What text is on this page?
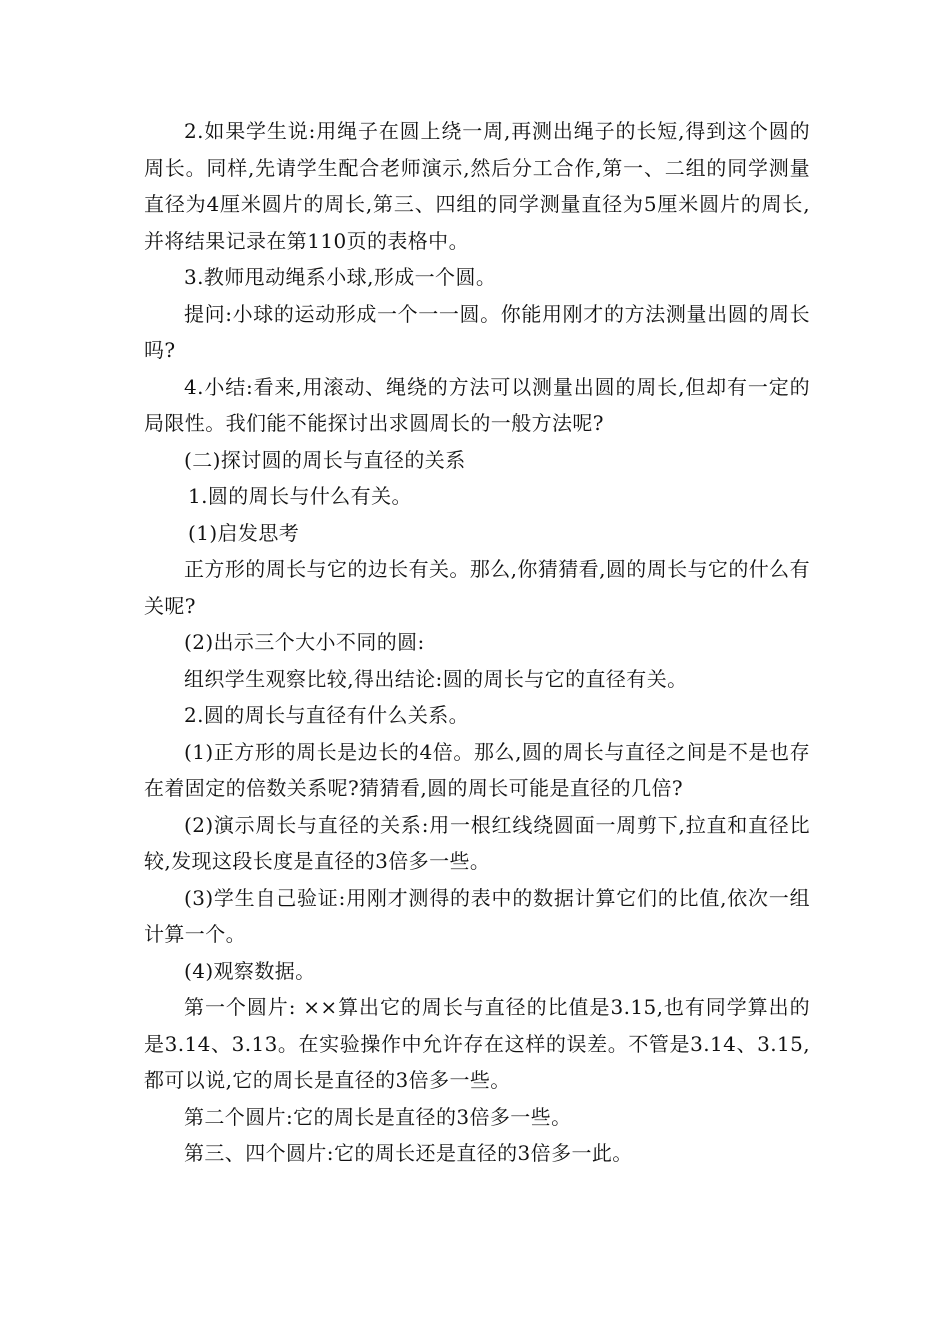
2.如果学生说:用绳子在圆上绕一周,再测出绳子的长短,得到这个圆的周长。同样,先请学生配合老师演示,然后分工合作,第一、二组的同学测量直径为4厘米圆片的周长,第三、四组的同学测量直径为5厘米圆片的周长,并将结果记录在第110页的表格中。

3.教师甩动绳系小球,形成一个圆。

提问:小球的运动形成一个一一圆。你能用刚才的方法测量出圆的周长吗?

4.小结:看来,用滚动、绳绕的方法可以测量出圆的周长,但却有一定的局限性。我们能不能探讨出求圆周长的一般方法呢?

(二)探讨圆的周长与直径的关系

1.圆的周长与什么有关。

(1)启发思考

正方形的周长与它的边长有关。那么,你猜猜看,圆的周长与它的什么有关呢?

(2)出示三个大小不同的圆:

组织学生观察比较,得出结论:圆的周长与它的直径有关。

2.圆的周长与直径有什么关系。

(1)正方形的周长是边长的4倍。那么,圆的周长与直径之间是不是也存在着固定的倍数关系呢?猜猜看,圆的周长可能是直径的几倍?

(2)演示周长与直径的关系:用一根红线绕圆面一周剪下,拉直和直径比较,发现这段长度是直径的3倍多一些。

(3)学生自己验证:用刚才测得的表中的数据计算它们的比值,依次一组计算一个。

(4)观察数据。

第一个圆片: ××算出它的周长与直径的比值是3.15,也有同学算出的是3.14、3.13。在实验操作中允许存在这样的误差。不管是3.14、3.15,都可以说,它的周长是直径的3倍多一些。

第二个圆片:它的周长是直径的3倍多一些。

第三、四个圆片:它的周长还是直径的3倍多一此。
